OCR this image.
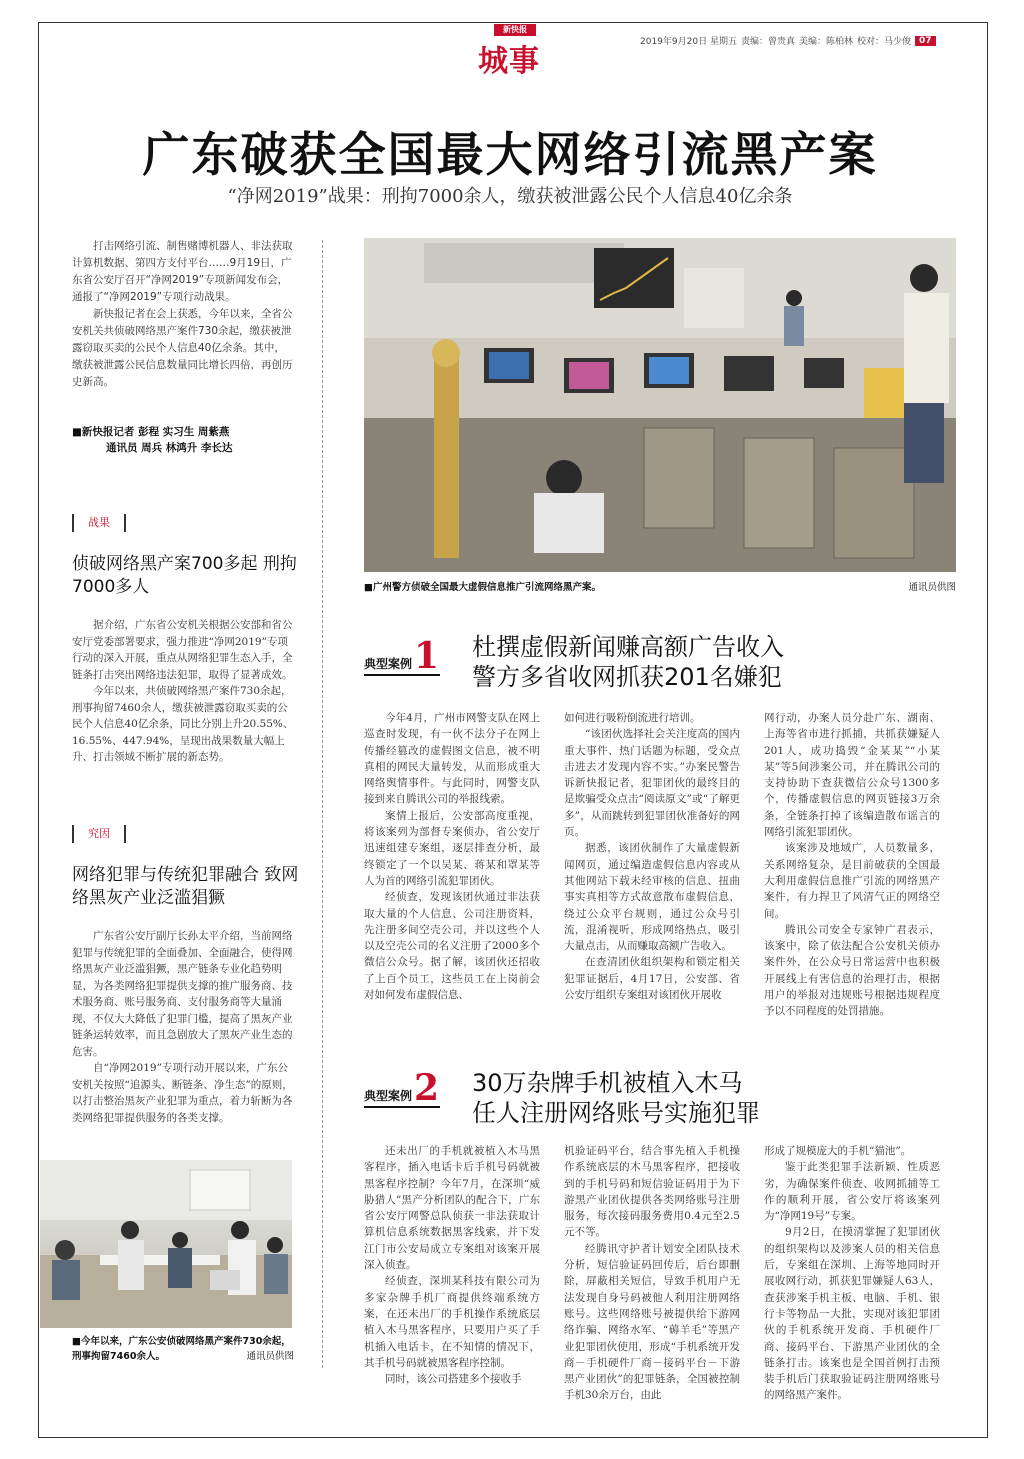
新快报
城事
2019年9月20日 星期五 责编：曾贵真 美编：陈柏林 校对：马少俊 07
广东破获全国最大网络引流黑产案
“净网2019”战果：刑拘7000余人，缴获被泄露公民个人信息40亿余条

打击网络引流、制售赌博机器人、非法获取计算机数据、第四方支付平台……9月19日，广东省公安厅召开“净网2019”专项新闻发布会，通报了“净网2019”专项行动战果。

新快报记者在会上获悉，今年以来，全省公安机关共侦破网络黑产案件730余起，缴获被泄露窃取买卖的公民个人信息40亿余条。其中，缴获被泄露公民信息数量同比增长四倍，再创历史新高。

■新快报记者 彭程 实习生 周紫燕
通讯员 周兵 林鸿升 李长达
战果
侦破网络黑产案700多起 刑拘7000多人

据介绍，广东省公安机关根据公安部和省公安厅党委部署要求，强力推进“净网2019”专项行动的深入开展，重点从网络犯罪生态入手，全链条打击突出网络违法犯罪，取得了显著成效。

今年以来，共侦破网络黑产案件730余起，刑事拘留7460余人，缴获被泄露窃取买卖的公民个人信息40亿余条，同比分别上升20.55%、16.55%、447.94%，呈现出战果数量大幅上升、打击领域不断扩展的新态势。

究因
网络犯罪与传统犯罪融合 致网络黑灰产业泛滥猖獗

广东省公安厅副厅长孙太平介绍，当前网络犯罪与传统犯罪的全面叠加、全面融合，使得网络黑灰产业泛滥猖獗，黑产链条专业化趋势明显，为各类网络犯罪提供支撑的推广服务商、技术服务商、账号服务商、支付服务商等大量涌现，不仅大大降低了犯罪门槛，提高了黑灰产业链条运转效率，而且急剧放大了黑灰产业生态的危害。

自“净网2019”专项行动开展以来，广东公安机关按照“追源头、断链条、净生态”的原则，以打击整治黑灰产业犯罪为重点，着力斩断为各类网络犯罪提供服务的各类支撑。

■今年以来，广东公安侦破网络黑产案件730余起，刑事拘留7460余人。	通讯员供图
■广州警方侦破全国最大虚假信息推广引流网络黑产案。	通讯员供图
典型案例 1 杜撰虚假新闻赚高额广告收入
警方多省收网抓获201名嫌犯

今年4月，广州市网警支队在网上巡查时发现，有一伙不法分子在网上传播经篡改的虚假图文信息，被不明真相的网民大量转发，从而形成重大网络舆情事件。与此同时，网警支队接到来自腾讯公司的举报线索。

案情上报后，公安部高度重视，将该案列为部督专案侦办，省公安厅迅速组建专案组，逐层排查分析，最终锁定了一个以吴某、蒋某和罩某等人为首的网络引流犯罪团伙。

经侦查，发现该团伙通过非法获取大量的个人信息、公司注册资料，先注册多间空壳公司，并以这些个人以及空壳公司的名义注册了2000多个微信公众号。据了解，该团伙还招收了上百个员工，这些员工在上岗前会对如何发布虚假信息、

如何进行吸粉倒流进行培训。

“该团伙选择社会关注度高的国内重大事件、热门话题为标题，受众点击进去才发现内容不实。”办案民警告诉新快报记者，犯罪团伙的最终目的是欺骗受众点击“阅读原文”或“了解更多”，从而跳转到犯罪团伙准备好的网页。

据悉，该团伙制作了大量虚假新闻网页，通过编造虚假信息内容或从其他网站下载未经审核的信息、扭曲事实真相等方式故意散布虚假信息，绕过公众平台规则，通过公众号引流，混淆视听，形成网络热点，吸引大量点击，从而赚取高额广告收入。

在查清团伙组织架构和锁定相关犯罪证据后，4月17日，公安部、省公安厅组织专案组对该团伙开展收

网行动，办案人员分赴广东、湖南、上海等省市进行抓捕，共抓获嫌疑人201人，成功捣毁“金某某”“小某某”等5间涉案公司，并在腾讯公司的支持协助下查获微信公众号1300多个，传播虚假信息的网页链接3万余条，全链条打掉了该编造散布谣言的网络引流犯罪团伙。

该案涉及地域广，人员数量多，关系网络复杂，是目前破获的全国最大利用虚假信息推广引流的网络黑产案件，有力捍卫了风清气正的网络空间。

腾讯公司安全专家钟广君表示，该案中，除了依法配合公安机关侦办案件外，在公众号日常运营中也积极开展线上有害信息的治理打击，根据用户的举报对违规账号根据违规程度予以不同程度的处罚措施。

典型案例 2 30万杂牌手机被植入木马
任人注册网络账号实施犯罪

还未出厂的手机就被植入木马黑客程序，插入电话卡后手机号码就被黑客程序控制？今年7月，在深圳“威胁猎人”黑产分析团队的配合下，广东省公安厅网警总队侦获一非法获取计算机信息系统数据黑客线索，并下发江门市公安局成立专案组对该案开展深入侦查。

经侦查，深圳某科技有限公司为多家杂牌手机厂商提供终端系统方案，在还未出厂的手机操作系统底层植入木马黑客程序，只要用户买了手机插入电话卡，在不知情的情况下，其手机号码就被黑客程序控制。

同时，该公司搭建多个接收手

机验证码平台，结合事先植入手机操作系统底层的木马黑客程序，把接收到的手机号码和短信验证码用于为下游黑产业团伙提供各类网络账号注册服务，每次接码服务费用0.4元至2.5元不等。

经腾讯守护者计划安全团队技术分析，短信验证码回传后，后台即删除，屏蔽相关短信，导致手机用户无法发现自身号码被他人利用注册网络账号。这些网络账号被提供给下游网络诈骗、网络水军、“薅羊毛”等黑产业犯罪团伙使用，形成“手机系统开发商－手机硬件厂商－接码平台－下游黑产业团伙”的犯罪链条，全国被控制手机30余万台，由此

形成了规模庞大的手机“猫池”。

鉴于此类犯罪手法新颖、性质恶劣，为确保案件侦查、收网抓捕等工作的顺利开展，省公安厅将该案列为“净网19号”专案。

9月2日，在摸清掌握了犯罪团伙的组织架构以及涉案人员的相关信息后，专案组在深圳、上海等地同时开展收网行动，抓获犯罪嫌疑人63人，查获涉案手机主板、电脑、手机、银行卡等物品一大批，实现对该犯罪团伙的手机系统开发商、手机硬件厂商、接码平台、下游黑产业团伙的全链条打击。该案也是全国首例打击预装手机后门获取验证码注册网络账号的网络黑产案件。
